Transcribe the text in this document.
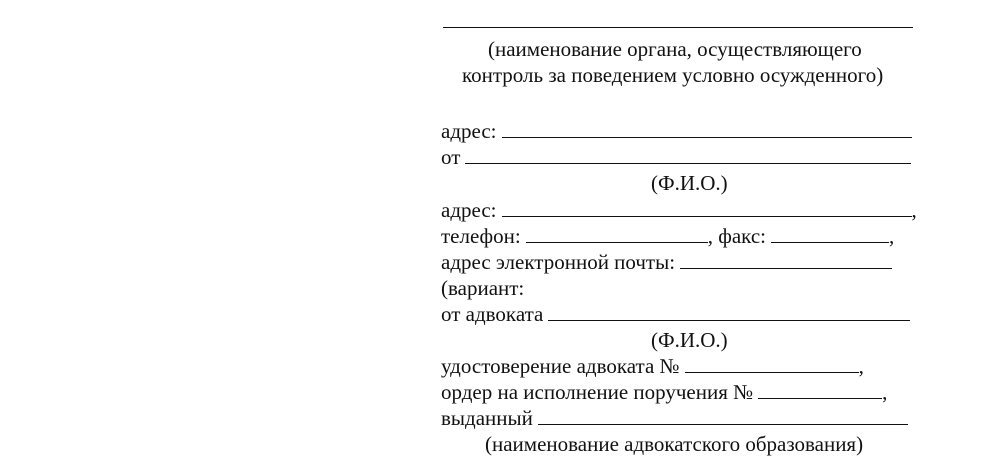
(наименование органа, осуществляющего
контроль за поведением условно осужденного)
адрес:
от
(Ф.И.О.)
адрес:	,
телефон:	, факс:	,
адрес электронной почты:
(вариант:
от адвоката
(Ф.И.О.)
удостоверение адвоката №	,
ордер на исполнение поручения №	,
выданный
(наименование адвокатского образования)
